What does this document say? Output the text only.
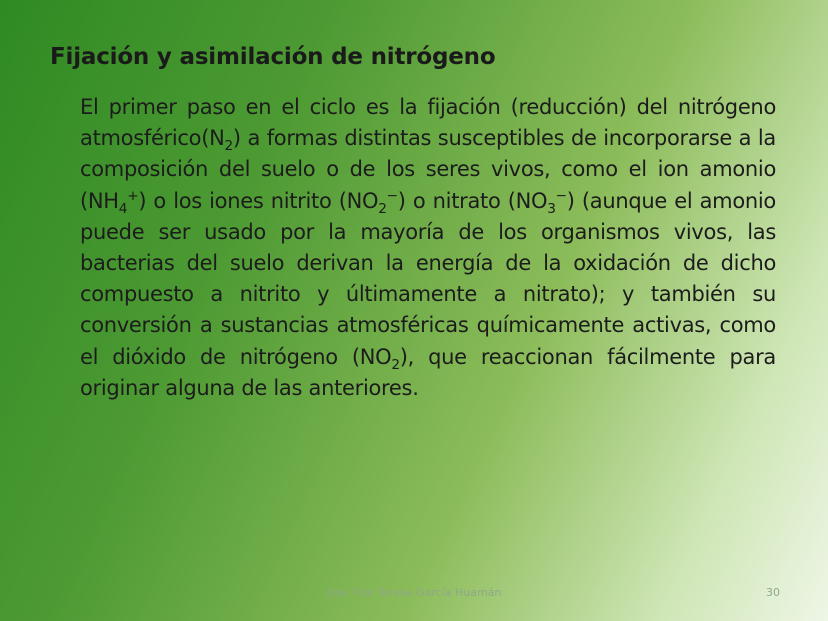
Fijación y asimilación de nitrógeno

El primer paso en el ciclo es la fijación (reducción) del nitrógeno $atmosférico(N_2)$ a formas distintas susceptibles de incorporarse a la composición del suelo o de los seres vivos, como el ion amonio $(NH_4^+)$ o los iones nitrito $(NO_2^-)$ o nitrato $(NO_3^-)$ (aunque el amonio puede ser usado por la mayoría de los organismos vivos, las bacterias del suelo derivan la energía de la oxidación de dicho compuesto a nitrito y últimamente a nitrato); y también su conversión a sustancias atmosféricas químicamente activas, como el dióxido de nitrógeno $(NO_2)$, que reaccionan fácilmente para originar alguna de las anteriores.

Dra. Flor Teresa García Huamán	30
